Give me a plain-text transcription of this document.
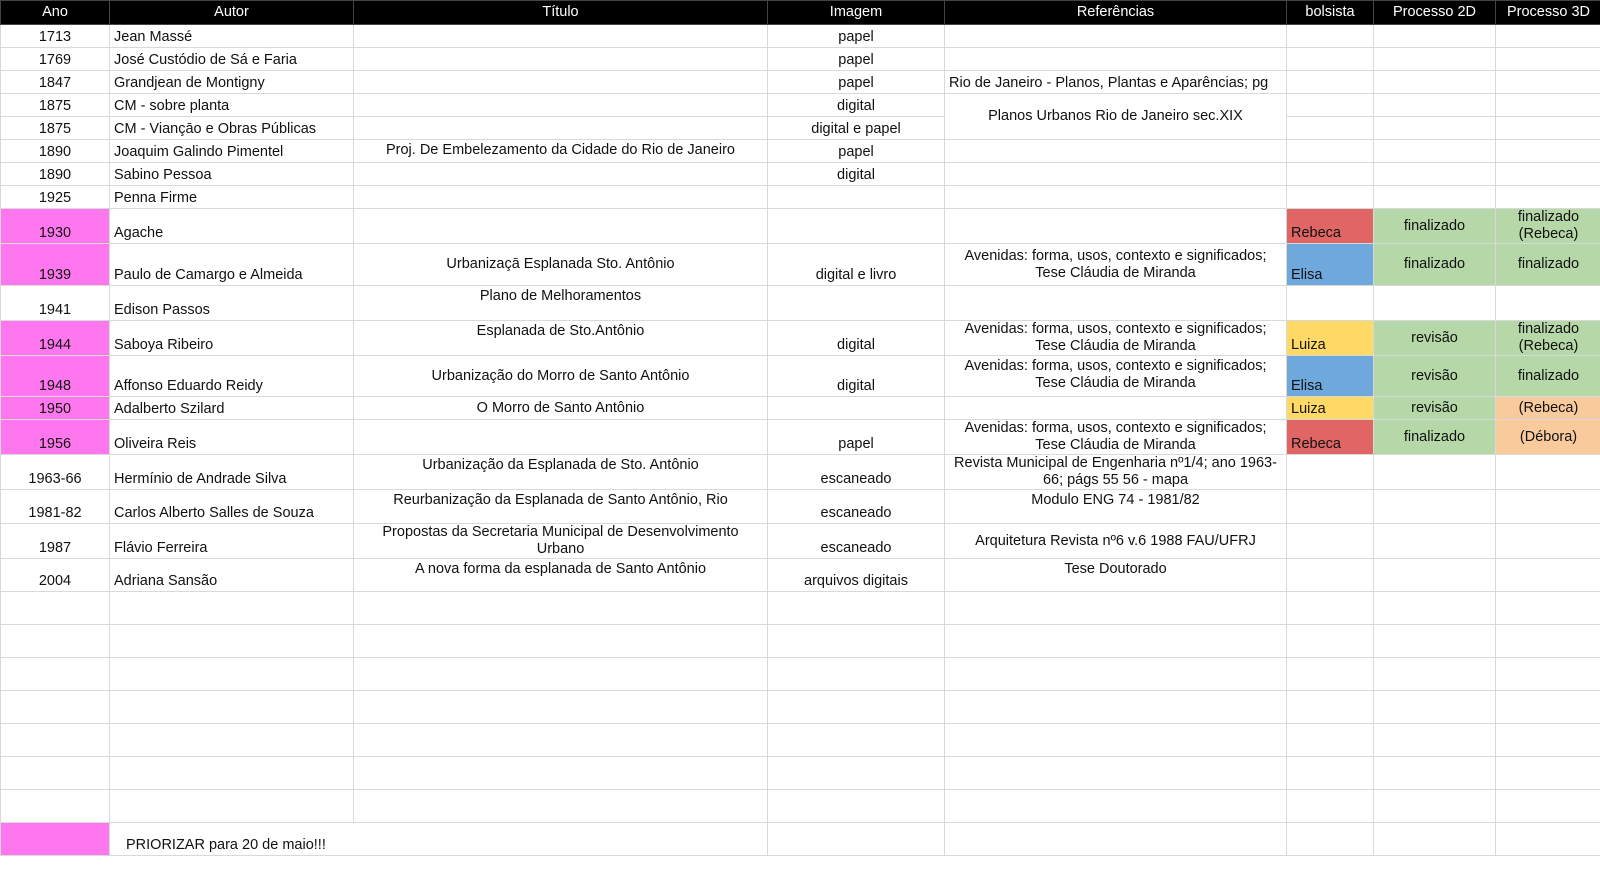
Ano	Autor	Título	Imagem	Referências	bolsista	Processo 2D	Processo 3D
1713	Jean Massé		papel				
1769	José Custódio de Sá e Faria		papel				
1847	Grandjean de Montigny		papel	Rio de Janeiro - Planos, Plantas e Aparências; pg			
1875	CM - sobre planta		digital	Planos Urbanos Rio de Janeiro sec.XIX			
1875	CM - Viançāo e Obras Públicas		digital e papel				
1890	Joaquim Galindo Pimentel	Proj. De Embelezamento da Cidade do Rio de Janeiro	papel				
1890	Sabino Pessoa		digital				
1925	Penna Firme						
1930	Agache				Rebeca	finalizado	finalizado (Rebeca)
1939	Paulo de Camargo e Almeida	Urbanizaçā Esplanada Sto. Antônio	digital e livro	Avenidas: forma, usos, contexto e significados; Tese Cláudia de Miranda	Elisa	finalizado	finalizado
1941	Edison Passos	Plano de Melhoramentos					
1944	Saboya Ribeiro	Esplanada de Sto.Antônio	digital	Avenidas: forma, usos, contexto e significados; Tese Cláudia de Miranda	Luiza	revisão	finalizado (Rebeca)
1948	Affonso Eduardo Reidy	Urbanização do Morro de Santo Antônio	digital	Avenidas: forma, usos, contexto e significados; Tese Cláudia de Miranda	Elisa	revisão	finalizado
1950	Adalberto Szilard	O Morro de Santo Antônio			Luiza	revisão	(Rebeca)
1956	Oliveira Reis		papel	Avenidas: forma, usos, contexto e significados; Tese Cláudia de Miranda	Rebeca	finalizado	(Débora)
1963-66	Hermínio de Andrade Silva	Urbanização da Esplanada de Sto. Antônio	escaneado	Revista Municipal de Engenharia nº1/4; ano 1963-66; págs 55 56 - mapa			
1981-82	Carlos Alberto Salles de Souza	Reurbanização da Esplanada de Santo Antônio, Rio	escaneado	Modulo ENG 74 - 1981/82			
1987	Flávio Ferreira	Propostas da Secretaria Municipal de Desenvolvimento Urbano	escaneado	Arquitetura Revista nº6 v.6 1988 FAU/UFRJ			
2004	Adriana Sansão	A nova forma da esplanada de Santo Antônio	arquivos digitais	Tese Doutorado			

	PRIORIZAR para 20 de maio!!!						
